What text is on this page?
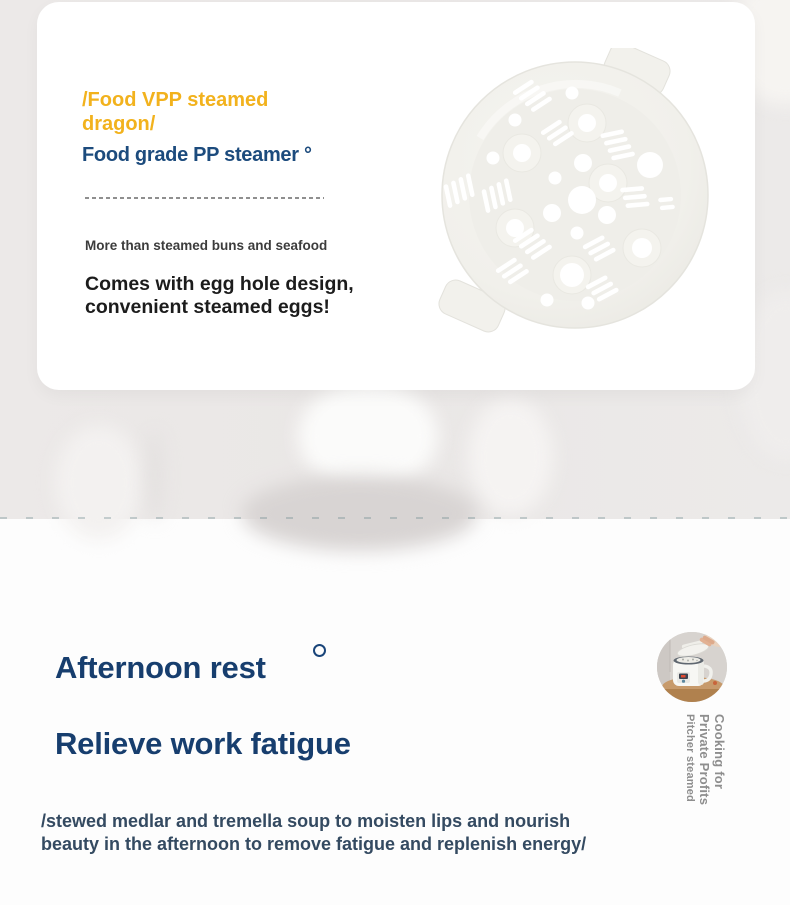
/Food VPP steamed
dragon/
Food grade PP steamer °

More than steamed buns and seafood

Comes with egg hole design,
convenient steamed eggs!

Afternoon rest
Relieve work fatigue

/stewed medlar and tremella soup to moisten lips and nourish
beauty in the afternoon to remove fatigue and replenish energy/

Cooking for
Private Profits
Pitcher steamed
